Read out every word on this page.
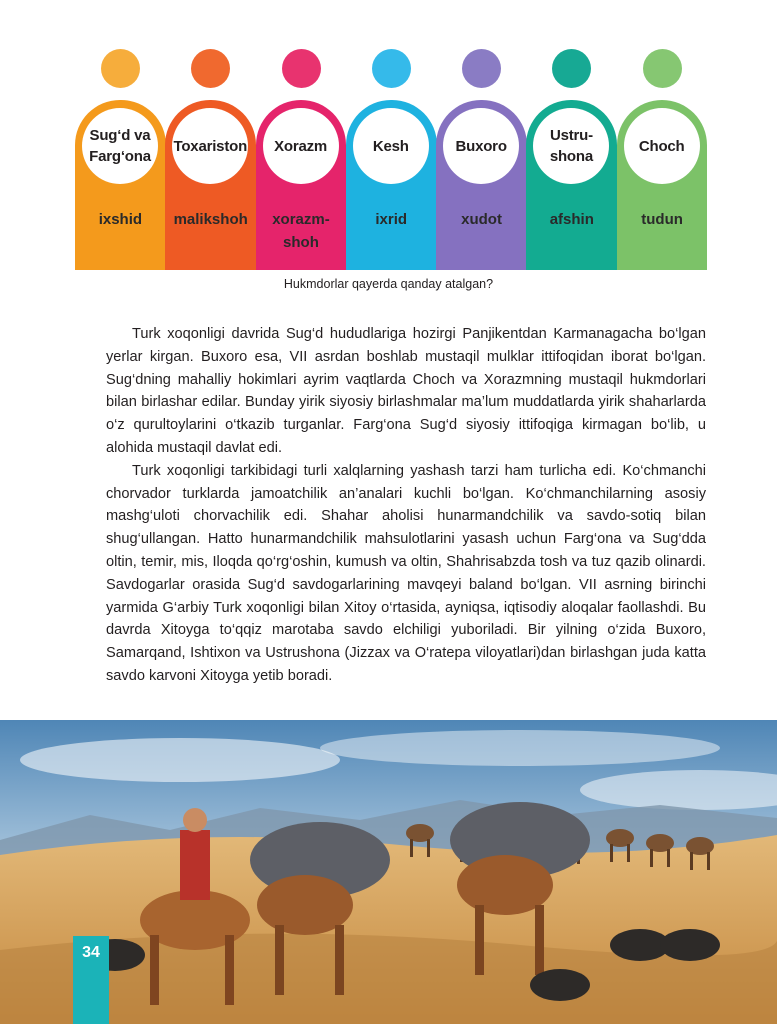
Sug‘d va
Farg‘ona
ixshid
Toxariston
malikshoh
Xorazm
xorazm-
shoh
Kesh
ixrid
Buxoro
xudot
Ustru-
shona
afshin
Choch
tudun
Hukmdorlar qayerda qanday atalgan?

Turk xoqonligi davrida Sug‘d hududlariga hozirgi Panjikentdan Karmanagacha bo‘lgan yerlar kirgan. Buxoro esa, VII asrdan boshlab mustaqil mulklar ittifoqidan iborat bo‘lgan. Sug‘dning mahalliy hokimlari ayrim vaqtlarda Choch va Xorazmning mustaqil hukmdorlari bilan birlashar edilar. Bunday yirik siyosiy birlashmalar ma’lum muddatlarda yirik shaharlarda o‘z qurultoylarini o‘tkazib turganlar. Farg‘ona Sug‘d siyosiy ittifoqiga kirmagan bo‘lib, u alohida mustaqil davlat edi.

Turk xoqonligi tarkibidagi turli xalqlarning yashash tarzi ham turlicha edi. Ko‘chmanchi chorvador turklarda jamoatchilik an’analari kuchli bo‘lgan. Ko‘chmanchilarning asosiy mashg‘uloti chorvachilik edi. Shahar aholisi hunarmandchilik va savdo-sotiq bilan shug‘ullangan. Hatto hunarmandchilik mahsulotlarini yasash uchun Farg‘ona va Sug‘dda oltin, temir, mis, Iloqda qo‘rg‘oshin, kumush va oltin, Shahrisabzda tosh va tuz qazib olinardi. Savdogarlar orasida Sug‘d savdogarlarining mavqeyi baland bo‘lgan. VII asrning birinchi yarmida G‘arbiy Turk xoqonligi bilan Xitoy o‘rtasida, ayniqsa, iqtisodiy aloqalar faollashdi. Bu davrda Xitoyga to‘qqiz marotaba savdo elchiligi yuboriladi. Bir yilning o‘zida Buxoro, Samarqand, Ishtixon va Ustrushona (Jizzax va O‘ratepa viloyatlari)dan birlashgan juda katta savdo karvoni Xitoyga yetib boradi.

34
